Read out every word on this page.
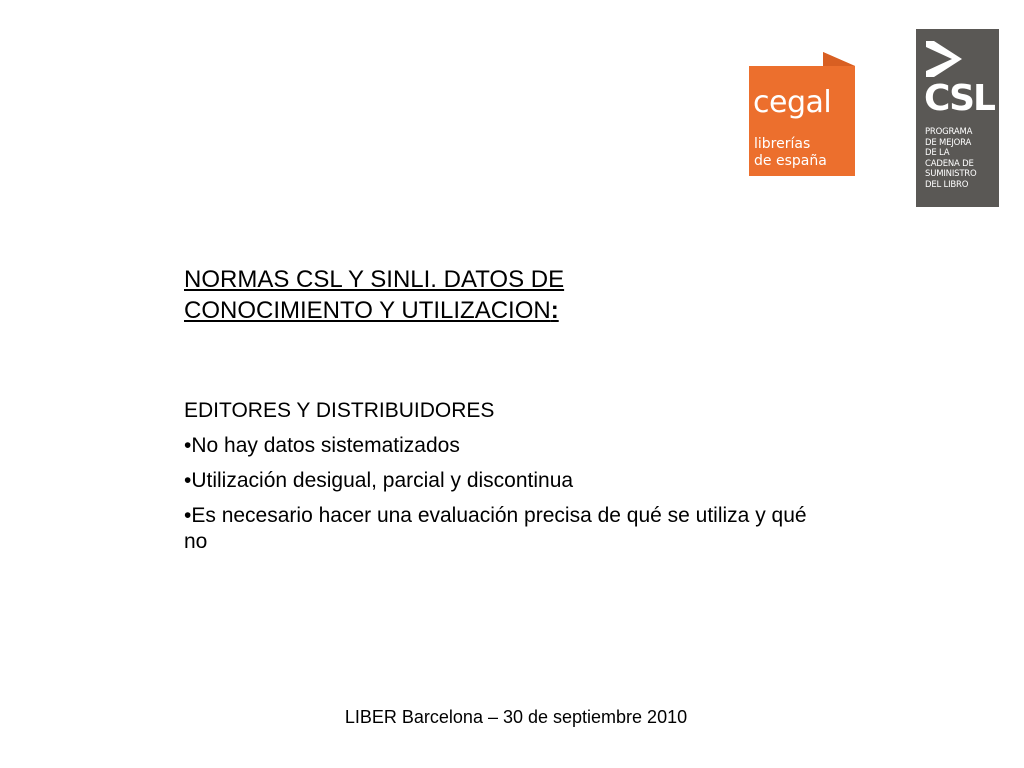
cegal
librerías
de españa
CSL
PROGRAMA
DE MEJORA
DE LA
CADENA DE
SUMINISTRO
DEL LIBRO
NORMAS CSL Y SINLI. DATOS DE
CONOCIMIENTO Y UTILIZACION:

EDITORES Y DISTRIBUIDORES

•No hay datos sistematizados
•Utilización desigual, parcial y discontinua
•Es necesario hacer una evaluación precisa de qué se utiliza y qué no
LIBER Barcelona – 30 de septiembre 2010
